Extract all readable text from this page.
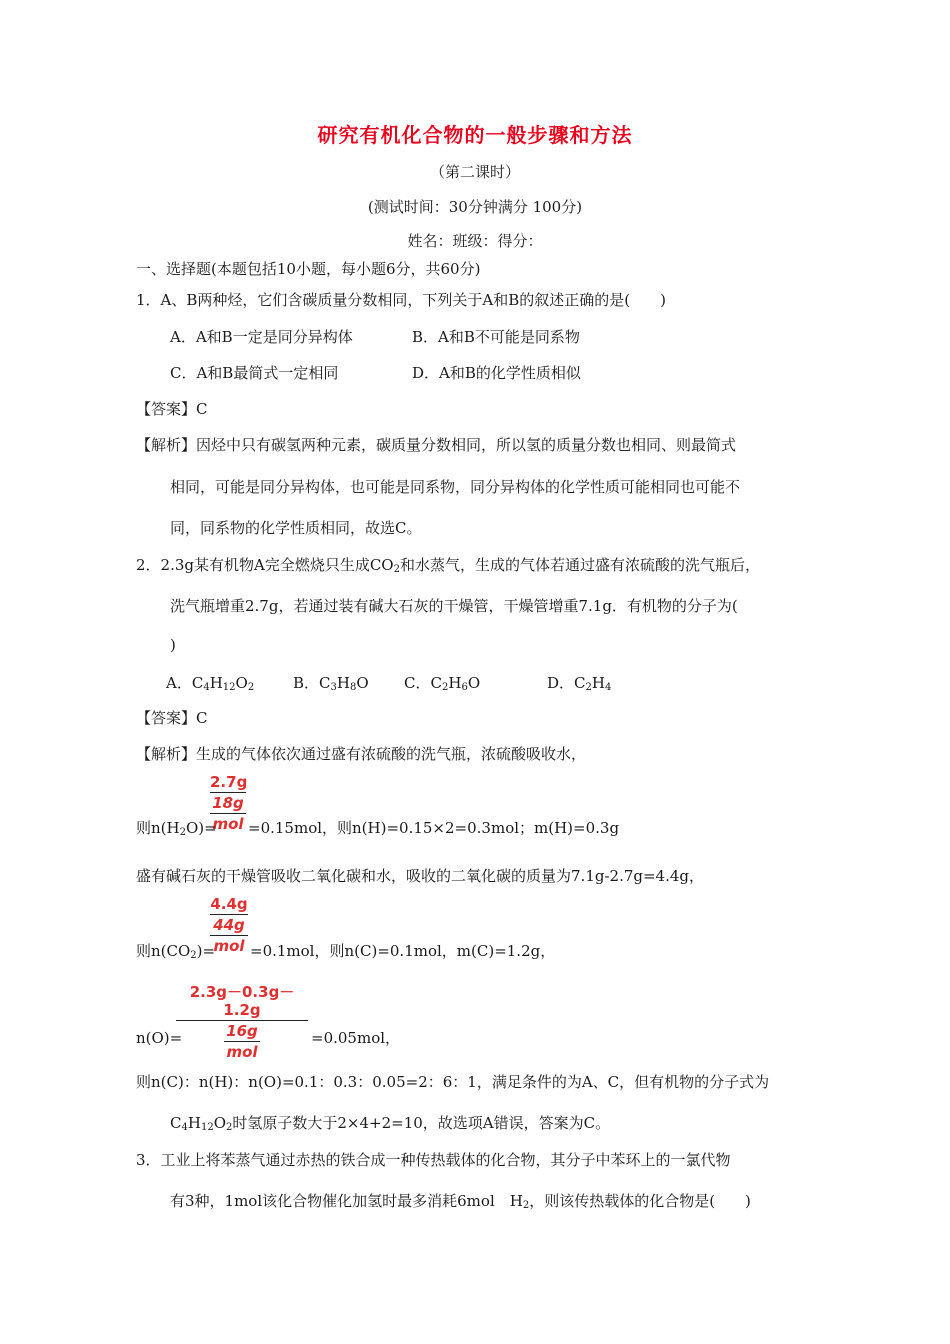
研究有机化合物的一般步骤和方法
（第二课时）
(测试时间：30分钟满分 100分)
姓名：班级：得分：
一、选择题(本题包括10小题，每小题6分，共60分)
1．A、B两种烃，它们含碳质量分数相同，下列关于A和B的叙述正确的是(　　)
A．A和B一定是同分异构体	B．A和B不可能是同系物
C．A和B最简式一定相同	D．A和B的化学性质相似
【答案】C
【解析】因烃中只有碳氢两种元素，碳质量分数相同，所以氢的质量分数也相同、则最简式
相同，可能是同分异构体，也可能是同系物，同分异构体的化学性质可能相同也可能不
同，同系物的化学性质相同，故选C。
2．2.3g某有机物A完全燃烧只生成$CO_2$和水蒸气，生成的气体若通过盛有浓硫酸的洗气瓶后，
洗气瓶增重2.7g，若通过装有碱大石灰的干燥管，干燥管增重7.1g．有机物的分子为(
)
A．$C_4H_{12}O_2$	B．$C_3H_8O$ C．$C_2H_6O$	D．$C_2H_4$
【答案】C
【解析】生成的气体依次通过盛有浓硫酸的洗气瓶，浓硫酸吸收水，
2.7g
18g
mol
则$n(H_2O)= =0.15mol$，则n(H)=0.15×2=0.3mol；m(H)=0.3g
盛有碱石灰的干燥管吸收二氧化碳和水，吸收的二氧化碳的质量为7.1g-2.7g=4.4g，
4.4g
44g
mol
则$n(CO_2)= =0.1mol$，则n(C)=0.1mol，m(C)=1.2g，
2.3g－0.3g－1.2g
16g
mol
n(O)=	=0.05mol，
则n(C)：n(H)：n(O)=0.1：0.3：0.05=2：6：1，满足条件的为A、C，但有机物的分子式为
$C_4H_{12}O_2$时氢原子数大于2×4+2=10，故选项A错误，答案为C。
3．工业上将苯蒸气通过赤热的铁合成一种传热载体的化合物，其分子中苯环上的一氯代物
有3种，1mol该化合物催化加氢时最多消耗6mol　$H_2$，则该传热载体的化合物是(　　)
